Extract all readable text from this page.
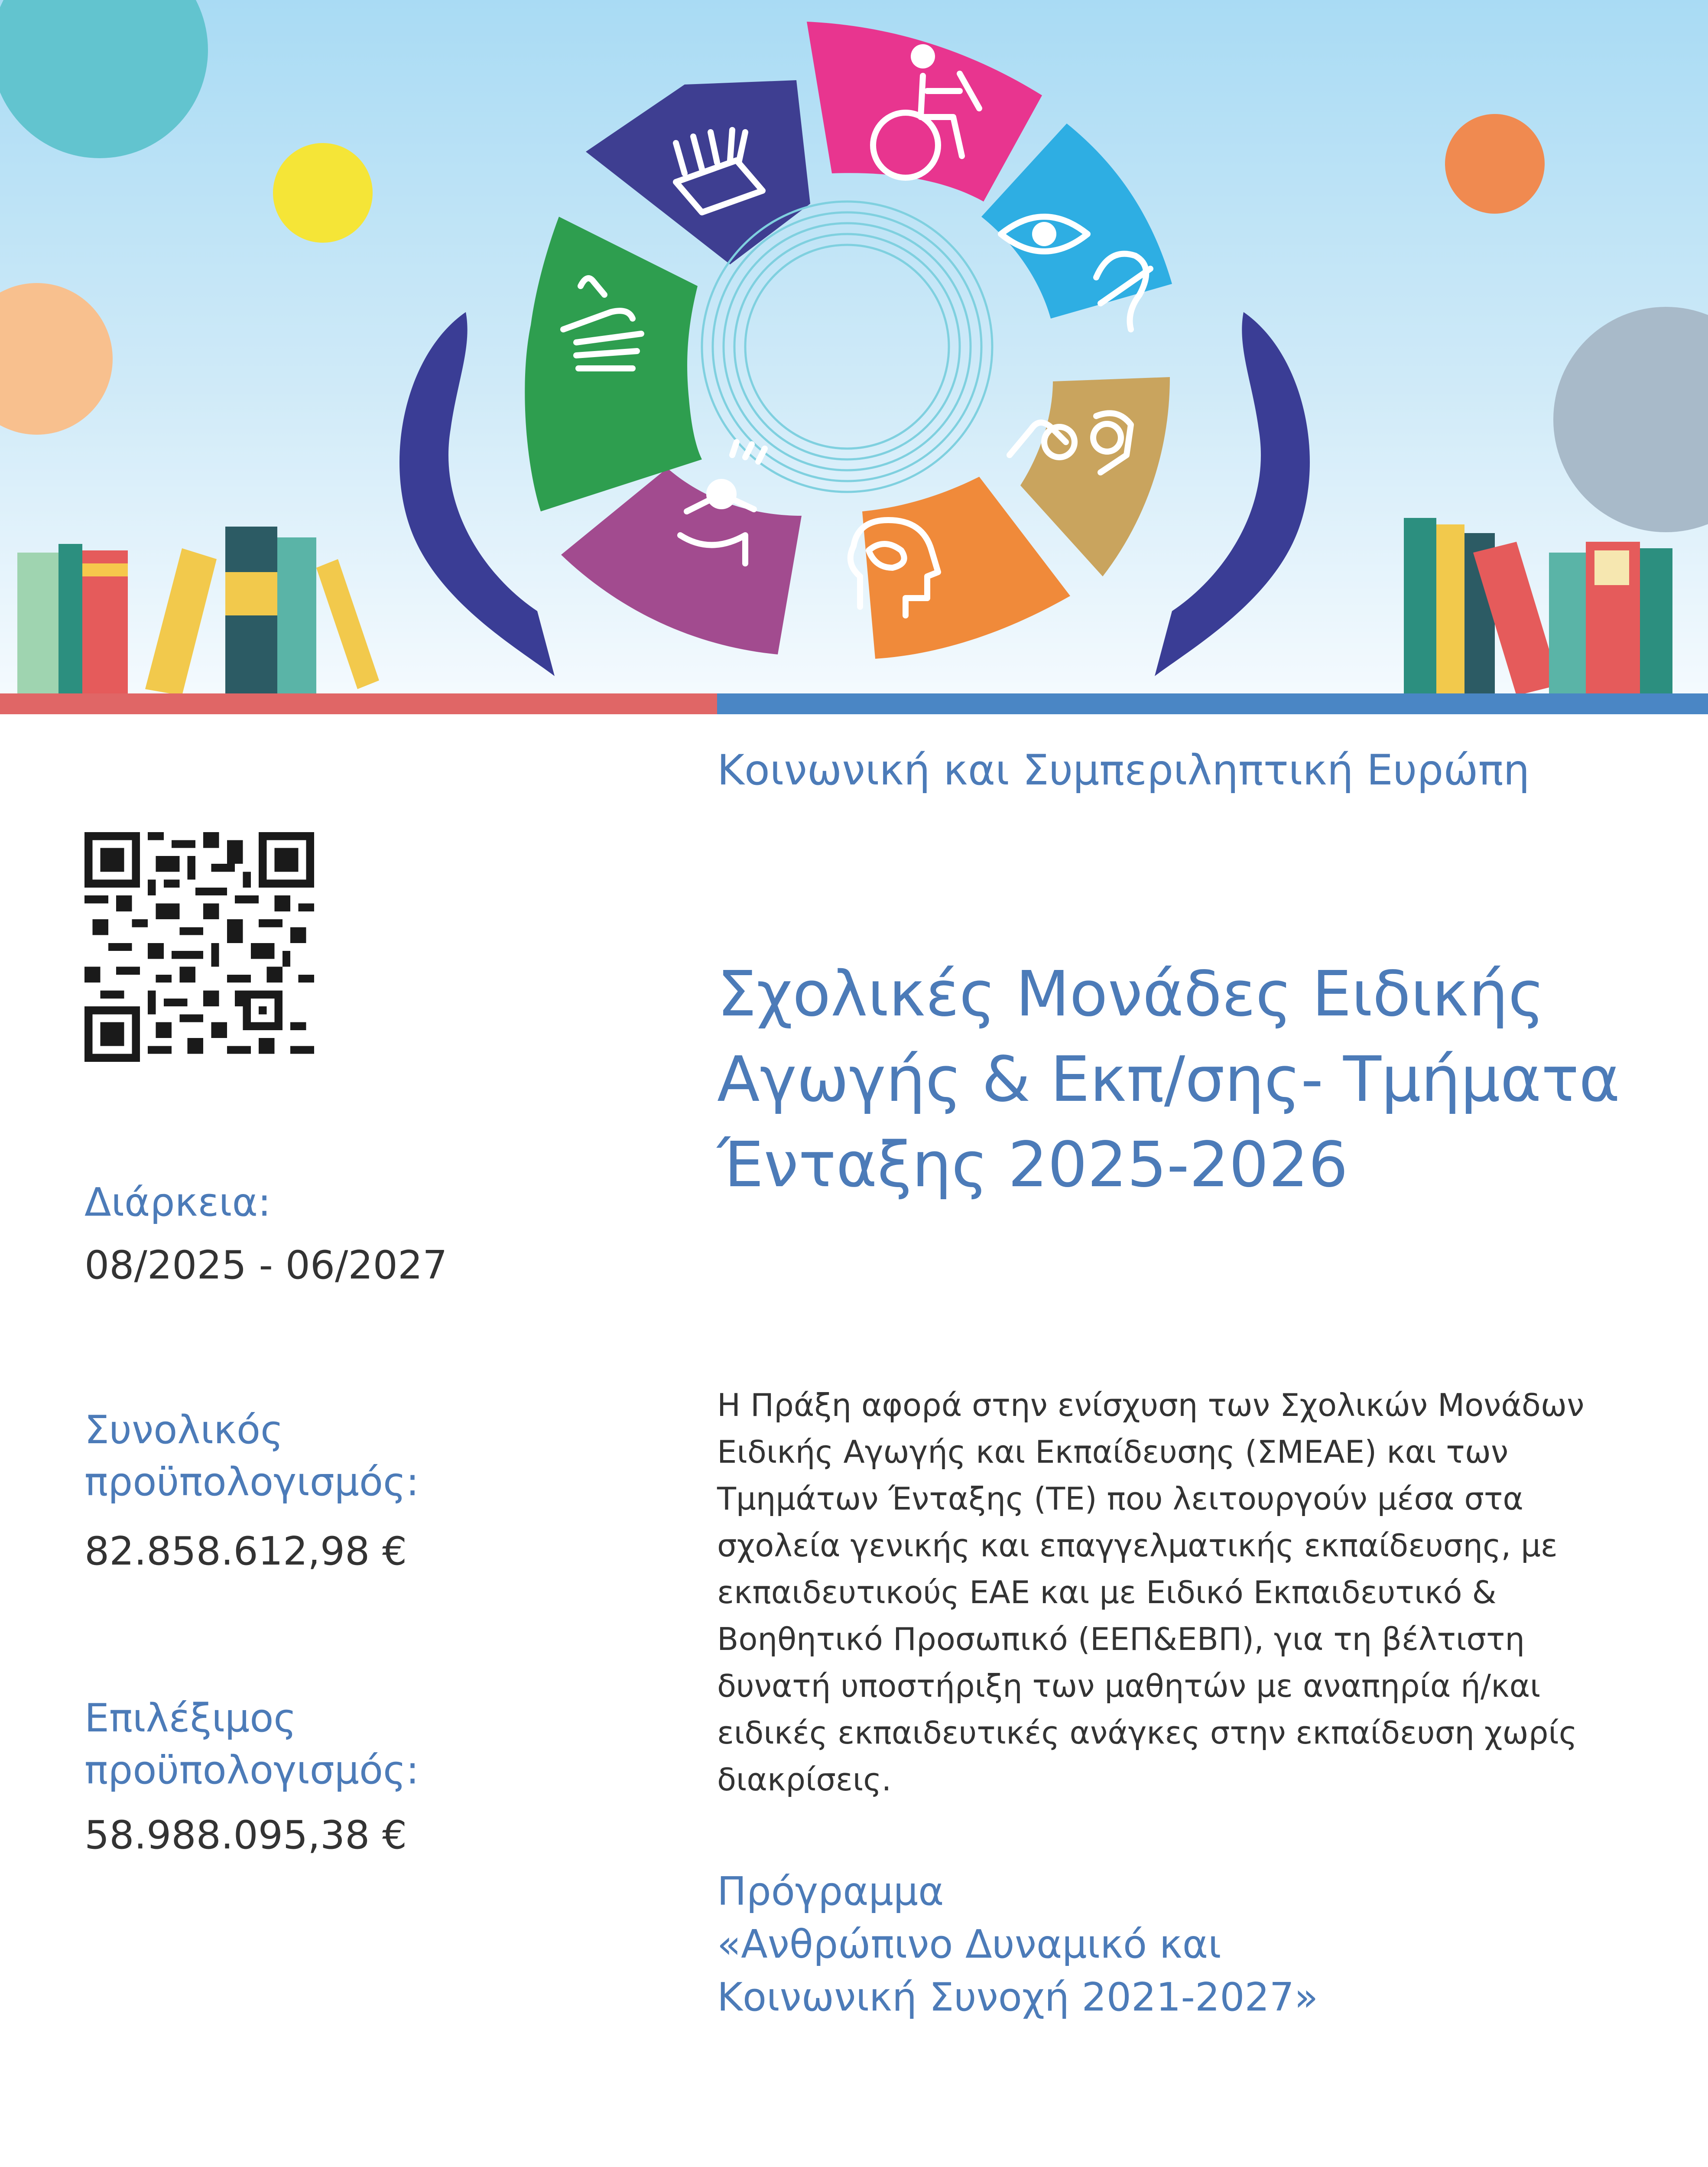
Διάρκεια:
08/2025 - 06/2027
Συνολικός προϋπολογισμός:
82.858.612,98 €
Επιλέξιμος προϋπολογισμός:
58.988.095,38 €
Κοινωνική και Συμπεριληπτική Ευρώπη
Σχολικές Μονάδες Ειδικής Αγωγής & Εκπ/σης- Τμήματα Ένταξης 2025-2026
Η Πράξη αφορά στην ενίσχυση των Σχολικών Μονάδων Ειδικής Αγωγής και Εκπαίδευσης (ΣΜΕΑΕ) και των Τμημάτων Ένταξης (ΤΕ) που λειτουργούν μέσα στα σχολεία γενικής και επαγγελματικής εκπαίδευσης, με εκπαιδευτικούς ΕΑΕ και με Ειδικό Εκπαιδευτικό & Βοηθητικό Προσωπικό (ΕΕΠ&ΕΒΠ), για τη βέλτιστη δυνατή υποστήριξη των μαθητών με αναπηρία ή/και ειδικές εκπαιδευτικές ανάγκες στην εκπαίδευση χωρίς διακρίσεις.
Πρόγραμμα
«Ανθρώπινο Δυναμικό και
Κοινωνική Συνοχή 2021-2027»
